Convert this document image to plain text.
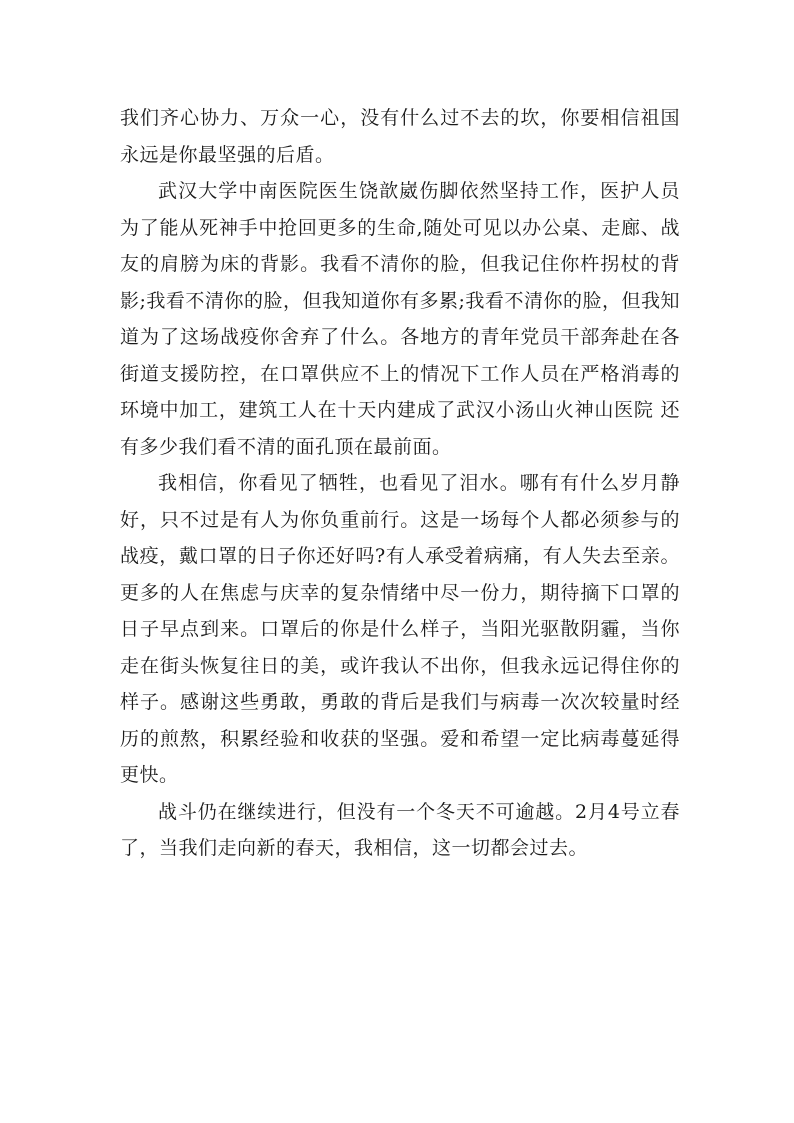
我们齐心协力、万众一心，没有什么过不去的坎，你要相信祖国永远是你最坚强的后盾。

武汉大学中南医院医生饶歆崴伤脚依然坚持工作，医护人员为了能从死神手中抢回更多的生命,随处可见以办公桌、走廊、战友的肩膀为床的背影。我看不清你的脸，但我记住你杵拐杖的背影;我看不清你的脸，但我知道你有多累;我看不清你的脸，但我知道为了这场战疫你舍弃了什么。各地方的青年党员干部奔赴在各街道支援防控，在口罩供应不上的情况下工作人员在严格消毒的环境中加工，建筑工人在十天内建成了武汉小汤山火神山医院 还有多少我们看不清的面孔顶在最前面。

我相信，你看见了牺牲，也看见了泪水。哪有有什么岁月静好，只不过是有人为你负重前行。这是一场每个人都必须参与的战疫，戴口罩的日子你还好吗?有人承受着病痛，有人失去至亲。更多的人在焦虑与庆幸的复杂情绪中尽一份力，期待摘下口罩的日子早点到来。口罩后的你是什么样子，当阳光驱散阴霾，当你走在街头恢复往日的美，或许我认不出你，但我永远记得住你的样子。感谢这些勇敢，勇敢的背后是我们与病毒一次次较量时经历的煎熬，积累经验和收获的坚强。爱和希望一定比病毒蔓延得更快。

战斗仍在继续进行，但没有一个冬天不可逾越。2月4号立春了，当我们走向新的春天，我相信，这一切都会过去。
